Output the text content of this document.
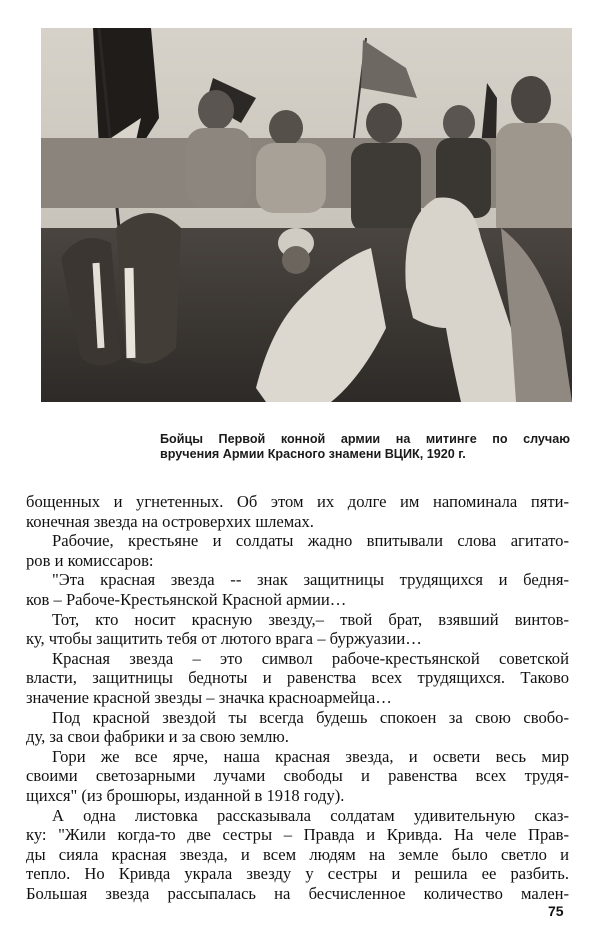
Бойцы Первой конной армии на митинге по случаю
вручения Армии Красного знамени ВЦИК, 1920 г.
бощенных и угнетенных. Об этом их долге им напоминала пяти-
конечная звезда на островерхих шлемах.
Рабочие, крестьяне и солдаты жадно впитывали слова агитато-
ров и комиссаров:
"Эта красная звезда -- знак защитницы трудящихся и бедня-
ков – Рабоче-Крестьянской Красной армии…
Тот, кто носит красную звезду,– твой брат, взявший винтов-
ку, чтобы защитить тебя от лютого врага – буржуазии…
Красная звезда – это символ рабоче-крестьянской советской
власти, защитницы бедноты и равенства всех трудящихся. Таково
значение красной звезды – значка красноармейца…
Под красной звездой ты всегда будешь спокоен за свою свобо-
ду, за свои фабрики и за свою землю.
Гори же все ярче, наша красная звезда, и освети весь мир
своими светозарными лучами свободы и равенства всех трудя-
щихся" (из брошюры, изданной в 1918 году).
А одна листовка рассказывала солдатам удивительную сказ-
ку: "Жили когда-то две сестры – Правда и Кривда. На челе Прав-
ды сияла красная звезда, и всем людям на земле было светло и
тепло. Но Кривда украла звезду у сестры и решила ее разбить.
Большая звезда рассыпалась на бесчисленное количество мален-
75
